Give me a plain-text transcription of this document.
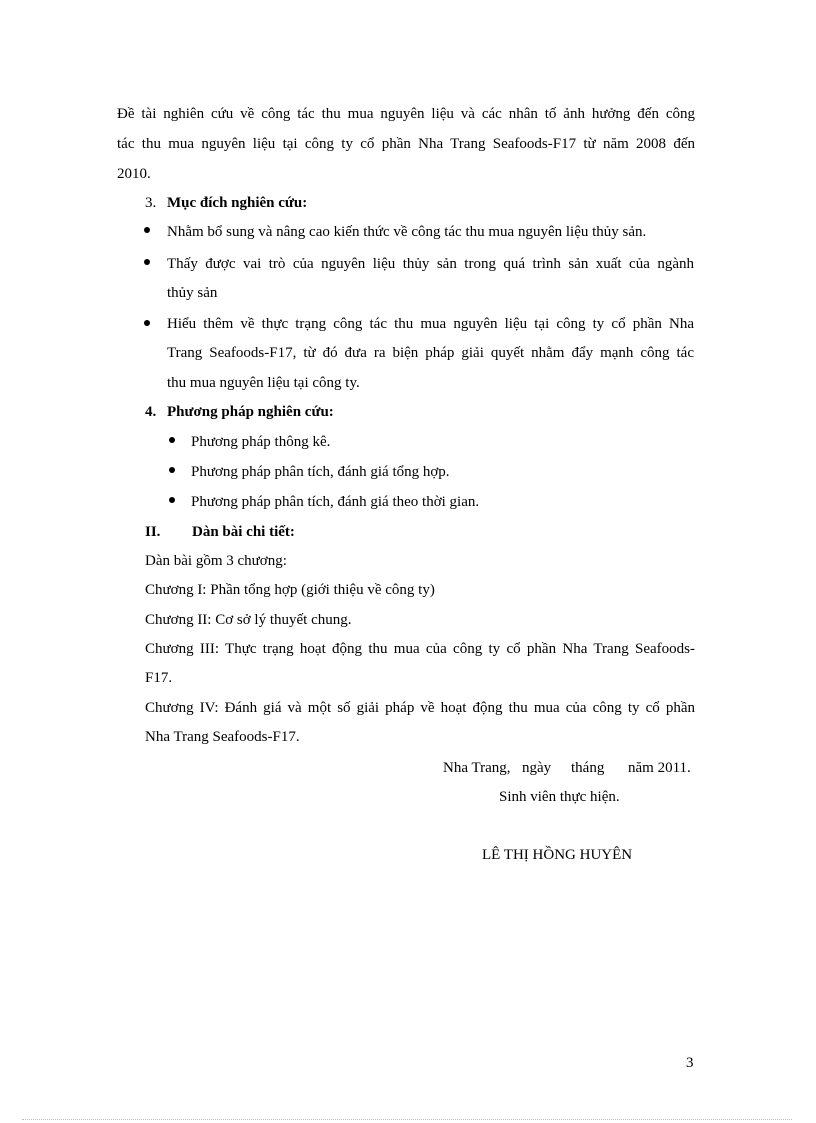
Đề tài nghiên cứu về công tác thu mua nguyên liệu và các nhân tố ảnh hưởng đến công
tác thu mua nguyên liệu tại công ty cổ phần Nha Trang Seafoods-F17 từ năm 2008 đến
2010.
3. Mục đích nghiên cứu:
Nhằm bổ sung và nâng cao kiến thức về công tác thu mua nguyên liệu thủy sản.
Thấy được vai trò của nguyên liệu thủy sản trong quá trình sản xuất của ngành
thủy sản
Hiểu thêm về thực trạng công tác thu mua nguyên liệu tại công ty cổ phần Nha
Trang Seafoods-F17, từ đó đưa ra biện pháp giải quyết nhằm đẩy mạnh công tác
thu mua nguyên liệu tại công ty.
4. Phương pháp nghiên cứu:
Phương pháp thông kê.
Phương pháp phân tích, đánh giá tổng hợp.
Phương pháp phân tích, đánh giá theo thời gian.
II. Dàn bài chi tiết:
Dàn bài gồm 3 chương:
Chương I: Phần tổng hợp (giới thiệu về công ty)
Chương II: Cơ sở lý thuyết chung.
Chương III: Thực trạng hoạt động thu mua của công ty cổ phần Nha Trang Seafoods-
F17.
Chương IV: Đánh giá và một số giải pháp về hoạt động thu mua của công ty cổ phần
Nha Trang Seafoods-F17.
Nha Trang, ngày tháng năm 2011.
Sinh viên thực hiện.
LÊ THỊ HỒNG HUYÊN
3
